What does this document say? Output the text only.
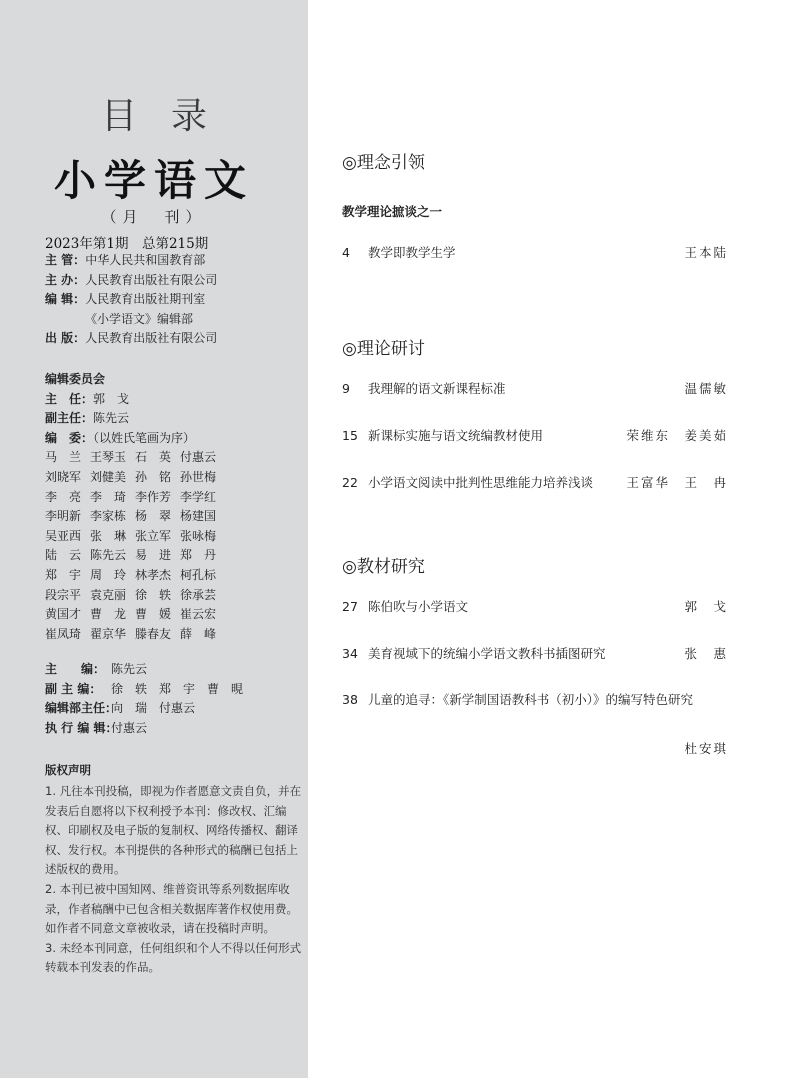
目录
小学语文
（月　刊）
2023年第1期　总第215期
主 管：中华人民共和国教育部
主 办：人民教育出版社有限公司
编 辑：人民教育出版社期刊室
《小学语文》编辑部
出 版：人民教育出版社有限公司
编辑委员会
主　任：郭　戈
副主任：陈先云
编　委：（以姓氏笔画为序）
马　兰 王琴玉 石　英 付惠云
刘晓军 刘健美 孙　铭 孙世梅
李　亮 李　琦 李作芳 李学红
李明新 李家栋 杨　翠 杨建国
吴亚西 张　琳 张立军 张咏梅
陆　云 陈先云 易　进 郑　丹
郑　宇 周　玲 林孝杰 柯孔标
段宗平 袁克丽 徐　轶 徐承芸
黄国才 曹　龙 曹　媛 崔云宏
崔凤琦 翟京华 滕春友 薛　峰
主　　编： 陈先云
副 主 编： 徐　轶　郑　宇　曹　晛
编辑部主任：向　瑞　付惠云
执 行 编 辑：付惠云
版权声明

1. 凡往本刊投稿，即视为作者愿意文责自负，并在发表后自愿将以下权利授予本刊：修改权、汇编权、印刷权及电子版的复制权、网络传播权、翻译权、发行权。本刊提供的各种形式的稿酬已包括上述版权的费用。

2. 本刊已被中国知网、维普资讯等系列数据库收录，作者稿酬中已包含相关数据库著作权使用费。如作者不同意文章被收录，请在投稿时声明。

3. 未经本刊同意，任何组织和个人不得以任何形式转载本刊发表的作品。

◎理念引领
教学理论摭谈之一
4 教学即教学生学	王本陆
◎理论研讨
9 我理解的语文新课程标准	温儒敏
15 新课标实施与语文统编教材使用	荣维东　姜美茹
22 小学语文阅读中批判性思维能力培养浅谈	王富华　王　冉
◎教材研究
27 陈伯吹与小学语文	郭　戈
34 美育视域下的统编小学语文教科书插图研究	张　惠
38 儿童的追寻：《新学制国语教科书（初小）》的编写特色研究
杜安琪
